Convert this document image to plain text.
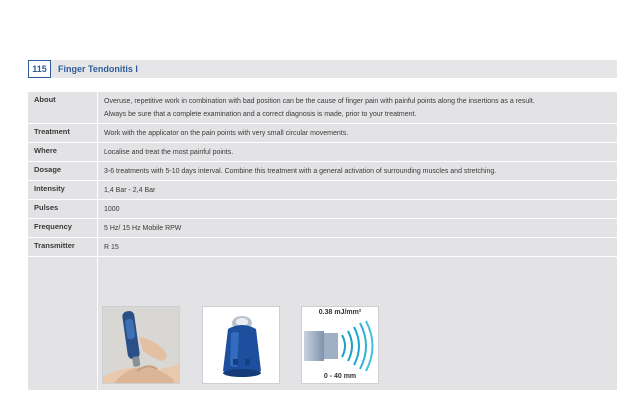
115	Finger Tendonitis I
About	Overuse, repetitive work in combination with bad position can be the cause of finger pain with painful points along the insertions as a result.

Always be sure that a complete examination and a correct diagnosis is made, prior to your treatment.

Treatment	Work with the applicator on the pain points with very small circular movements.
Where	Localise and treat the most painful points.
Dosage	3-6 treatments with 5-10 days interval. Combine this treatment with a general activation of surrounding muscles and stretching.
Intensity	1,4 Bar - 2,4 Bar
Pulses	1000
Frequency	5 Hz/ 15 Hz Mobile RPW
Transmitter	R 15
0.38 mJ/mm²
0 - 40 mm
